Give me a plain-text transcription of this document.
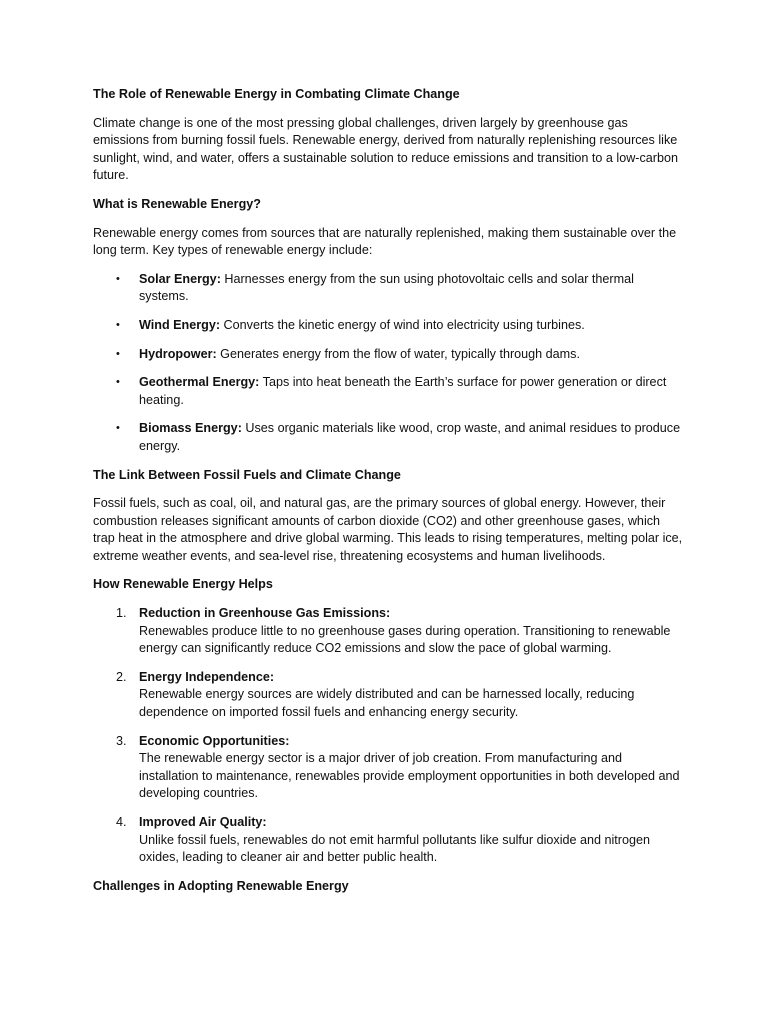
The Role of Renewable Energy in Combating Climate Change
Climate change is one of the most pressing global challenges, driven largely by greenhouse gas emissions from burning fossil fuels. Renewable energy, derived from naturally replenishing resources like sunlight, wind, and water, offers a sustainable solution to reduce emissions and transition to a low-carbon future.
What is Renewable Energy?
Renewable energy comes from sources that are naturally replenished, making them sustainable over the long term. Key types of renewable energy include:
• Solar Energy: Harnesses energy from the sun using photovoltaic cells and solar thermal systems.
• Wind Energy: Converts the kinetic energy of wind into electricity using turbines.
• Hydropower: Generates energy from the flow of water, typically through dams.
• Geothermal Energy: Taps into heat beneath the Earth’s surface for power generation or direct heating.
• Biomass Energy: Uses organic materials like wood, crop waste, and animal residues to produce energy.
The Link Between Fossil Fuels and Climate Change
Fossil fuels, such as coal, oil, and natural gas, are the primary sources of global energy. However, their combustion releases significant amounts of carbon dioxide (CO2) and other greenhouse gases, which trap heat in the atmosphere and drive global warming. This leads to rising temperatures, melting polar ice, extreme weather events, and sea-level rise, threatening ecosystems and human livelihoods.
How Renewable Energy Helps
1. Reduction in Greenhouse Gas Emissions:
Renewables produce little to no greenhouse gases during operation. Transitioning to renewable energy can significantly reduce CO2 emissions and slow the pace of global warming.
2. Energy Independence:
Renewable energy sources are widely distributed and can be harnessed locally, reducing dependence on imported fossil fuels and enhancing energy security.
3. Economic Opportunities:
The renewable energy sector is a major driver of job creation. From manufacturing and installation to maintenance, renewables provide employment opportunities in both developed and developing countries.
4. Improved Air Quality:
Unlike fossil fuels, renewables do not emit harmful pollutants like sulfur dioxide and nitrogen oxides, leading to cleaner air and better public health.
Challenges in Adopting Renewable Energy
